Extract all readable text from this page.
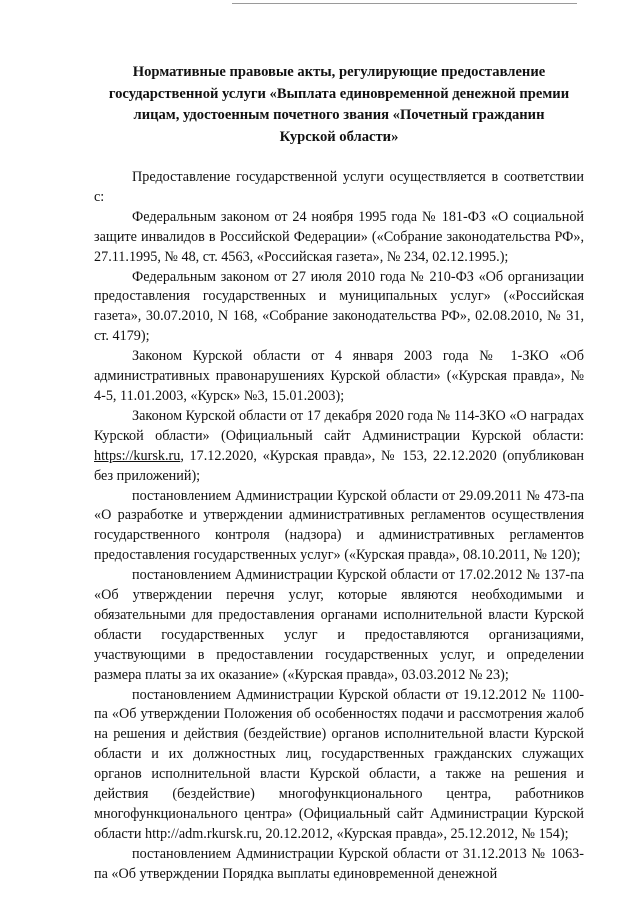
Нормативные правовые акты, регулирующие предоставление
государственной услуги «Выплата единовременной денежной премии
лицам, удостоенным почетного звания «Почетный гражданин
Курской области»

Предоставление государственной услуги осуществляется в соответствии с:

Федеральным законом от 24 ноября 1995 года № 181-ФЗ «О социальной защите инвалидов в Российской Федерации» («Собрание законодательства РФ», 27.11.1995, № 48, ст. 4563, «Российская газета», № 234, 02.12.1995.);

Федеральным законом от 27 июля 2010 года № 210-ФЗ «Об организации предоставления государственных и муниципальных услуг» («Российская газета», 30.07.2010, N 168, «Собрание законодательства РФ», 02.08.2010, № 31, ст. 4179);

Законом Курской области от 4 января 2003 года № 1-ЗКО «Об административных правонарушениях Курской области» («Курская правда», № 4-5, 11.01.2003, «Курск» №3, 15.01.2003);

Законом Курской области от 17 декабря 2020 года № 114-ЗКО «О наградах Курской области» (Официальный сайт Администрации Курской области: https://kursk.ru, 17.12.2020, «Курская правда», № 153, 22.12.2020 (опубликован без приложений);

постановлением Администрации Курской области от 29.09.2011 № 473-па «О разработке и утверждении административных регламентов осуществления государственного контроля (надзора) и административных регламентов предоставления государственных услуг» («Курская правда», 08.10.2011, № 120);

постановлением Администрации Курской области от 17.02.2012 № 137-па «Об утверждении перечня услуг, которые являются необходимыми и обязательными для предоставления органами исполнительной власти Курской области государственных услуг и предоставляются организациями, участвующими в предоставлении государственных услуг, и определении размера платы за их оказание» («Курская правда», 03.03.2012 № 23);

постановлением Администрации Курской области от 19.12.2012 № 1100-па «Об утверждении Положения об особенностях подачи и рассмотрения жалоб на решения и действия (бездействие) органов исполнительной власти Курской области и их должностных лиц, государственных гражданских служащих органов исполнительной власти Курской области, а также на решения и действия (бездействие) многофункционального центра, работников многофункционального центра» (Официальный сайт Администрации Курской области http://adm.rkursk.ru, 20.12.2012, «Курская правда», 25.12.2012, № 154);

постановлением Администрации Курской области от 31.12.2013 № 1063-па «Об утверждении Порядка выплаты единовременной денежной
